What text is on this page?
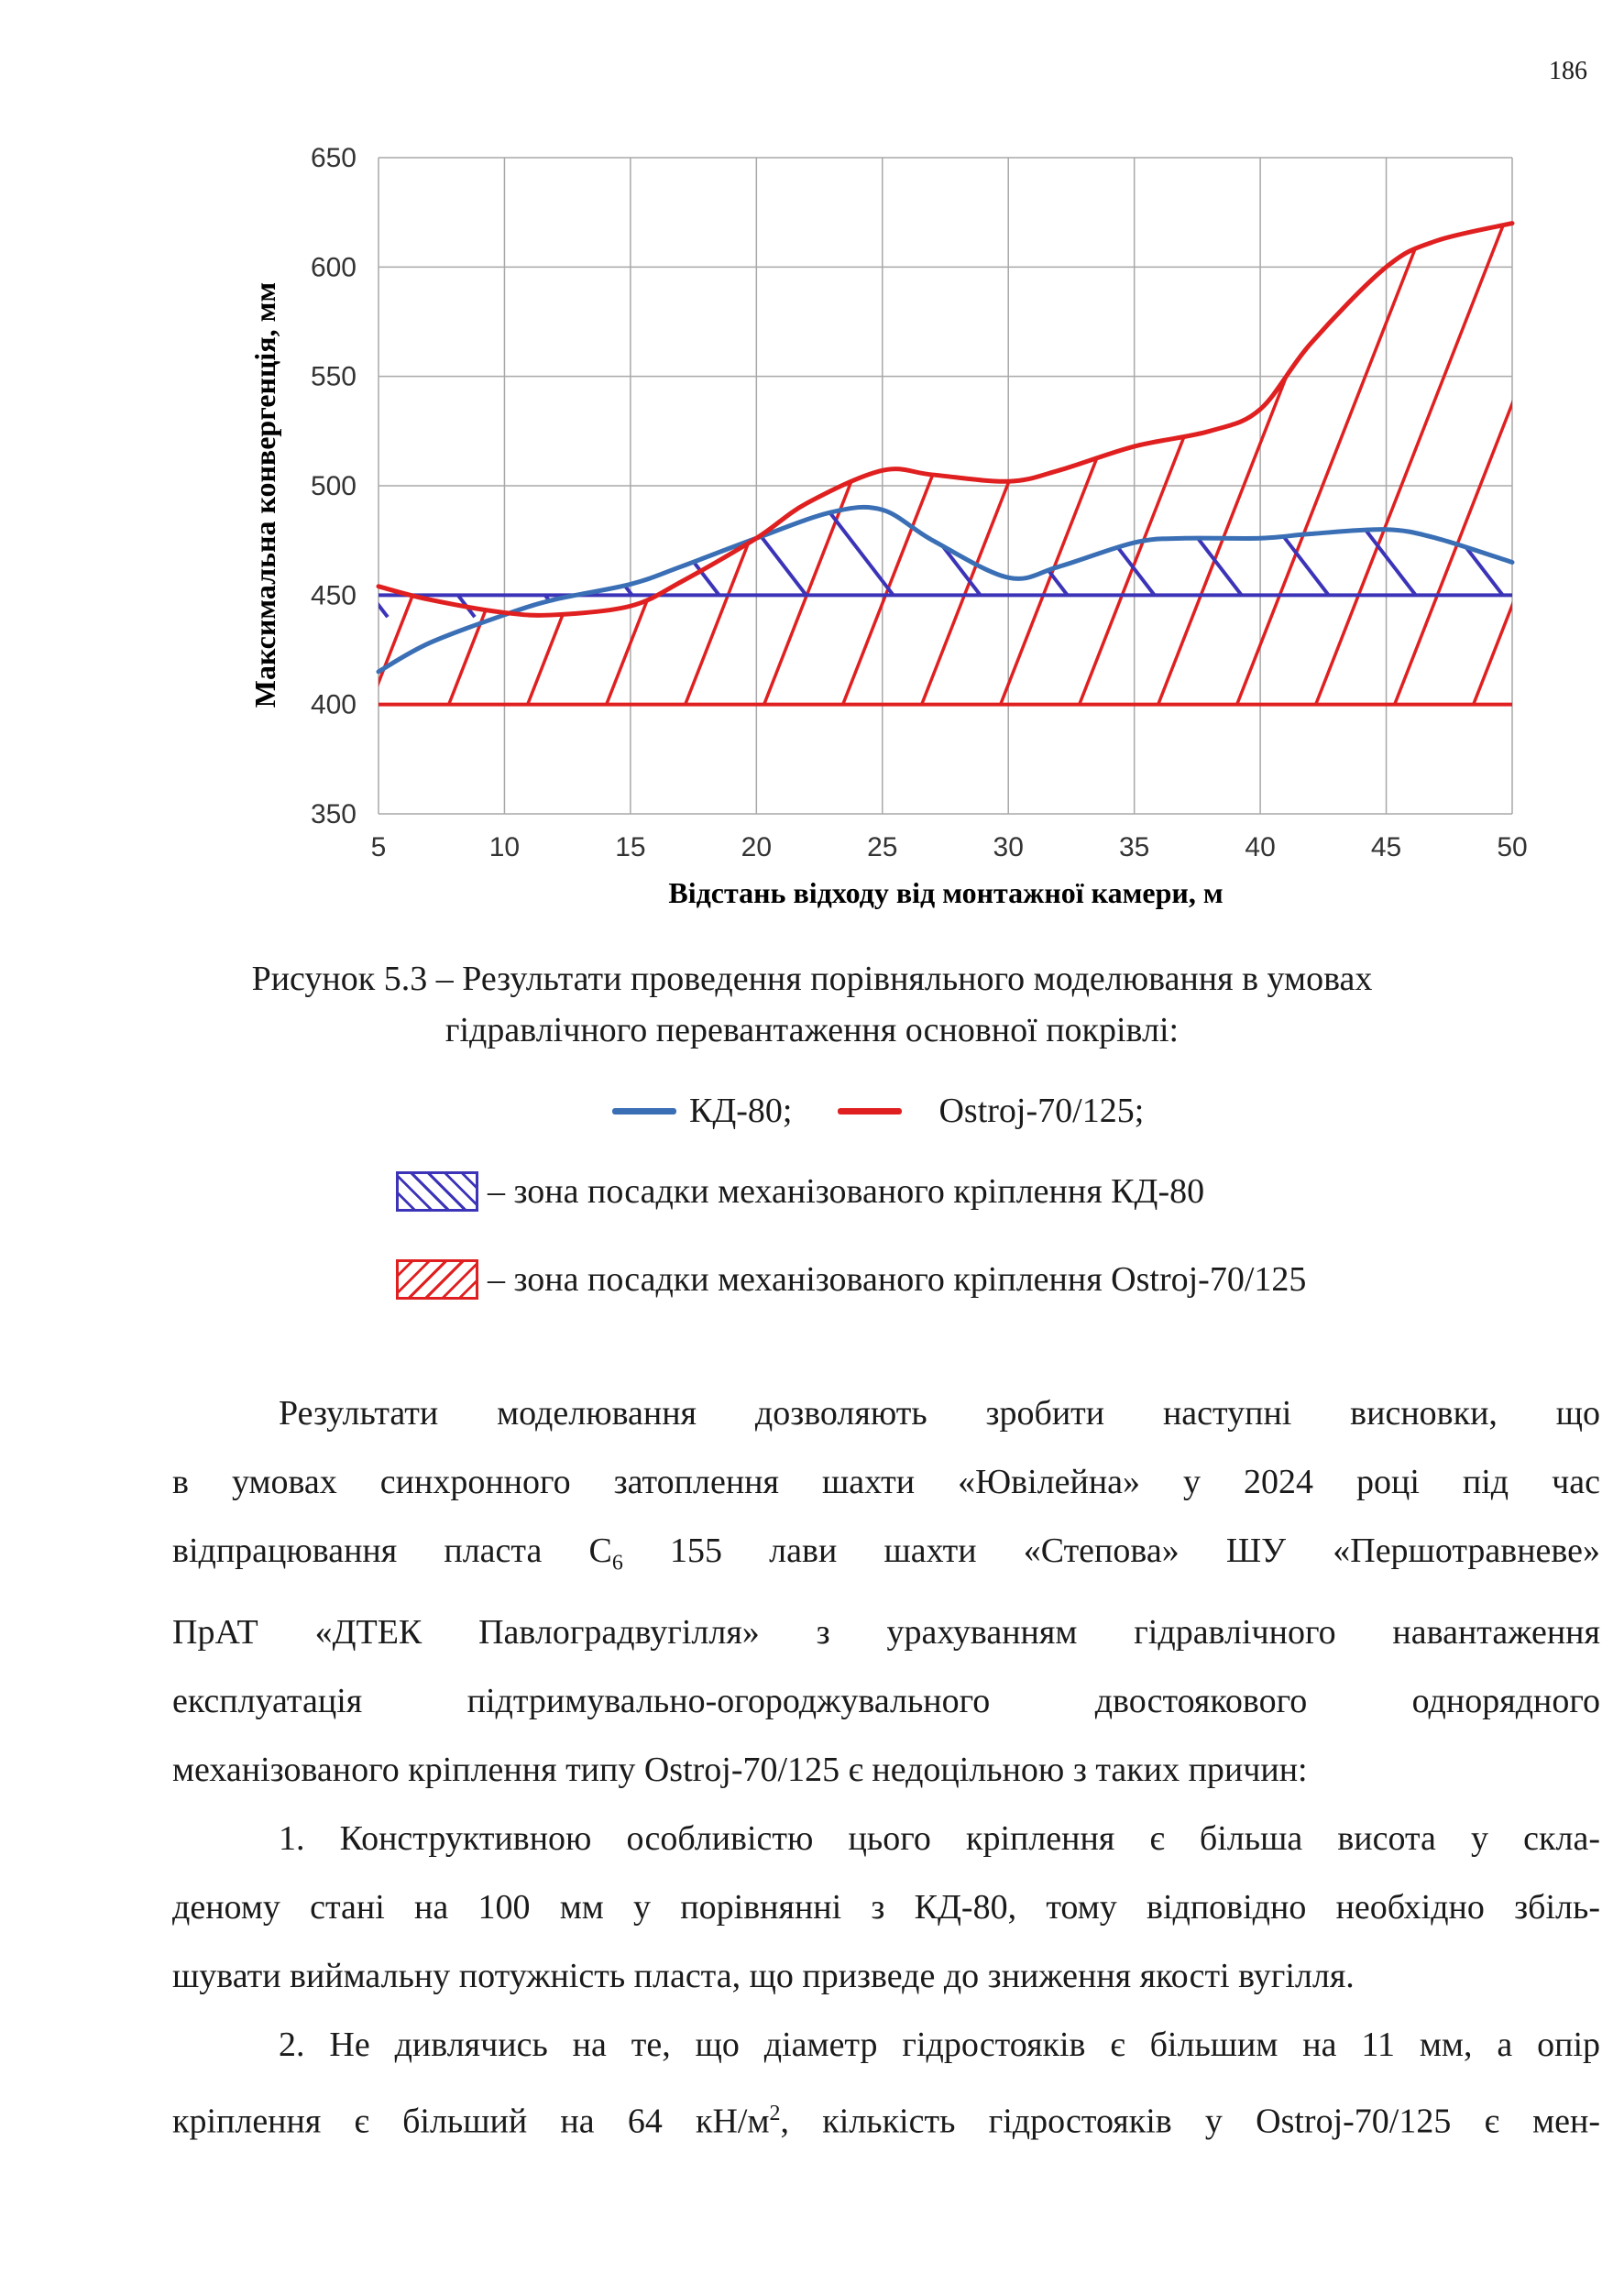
186
5	10	15	20	25	30	35	40	45	50
350
400
450
500
550
600
650
Відстань відходу від монтажної камери, м
Максимальна конвергенція, мм
Рисунок 5.3 – Результати проведення порівняльного моделювання в умовах
гідравлічного перевантаження основної покрівлі:
КД-80;	Ostroj-70/125;
– зона посадки механізованого кріплення КД-80
– зона посадки механізованого кріплення Ostroj-70/125

Результати моделювання дозволяють зробити наступні висновки, що

в умовах синхронного затоплення шахти «Ювілейна» у 2024 році під час

відпрацювання пласта $С_6$ 155 лави шахти «Степова» ШУ «Першотравневе»

ПрАТ «ДТЕК Павлоградвугілля» з урахуванням гідравлічного навантаження

експлуатація підтримувально-огороджувального двостоякового однорядного

механізованого кріплення типу Ostroj-70/125 є недоцільною з таких причин:

1. Конструктивною особливістю цього кріплення є більша висота у скла-

деному стані на 100 мм у порівнянні з КД-80, тому відповідно необхідно збіль-

шувати виймальну потужність пласта, що призведе до зниження якості вугілля.

2. Не дивлячись на те, що діаметр гідростояків є більшим на 11 мм, а опір

кріплення є більший на 64 $кН/м^2$, кількість гідростояків у Ostroj-70/125 є мен-
